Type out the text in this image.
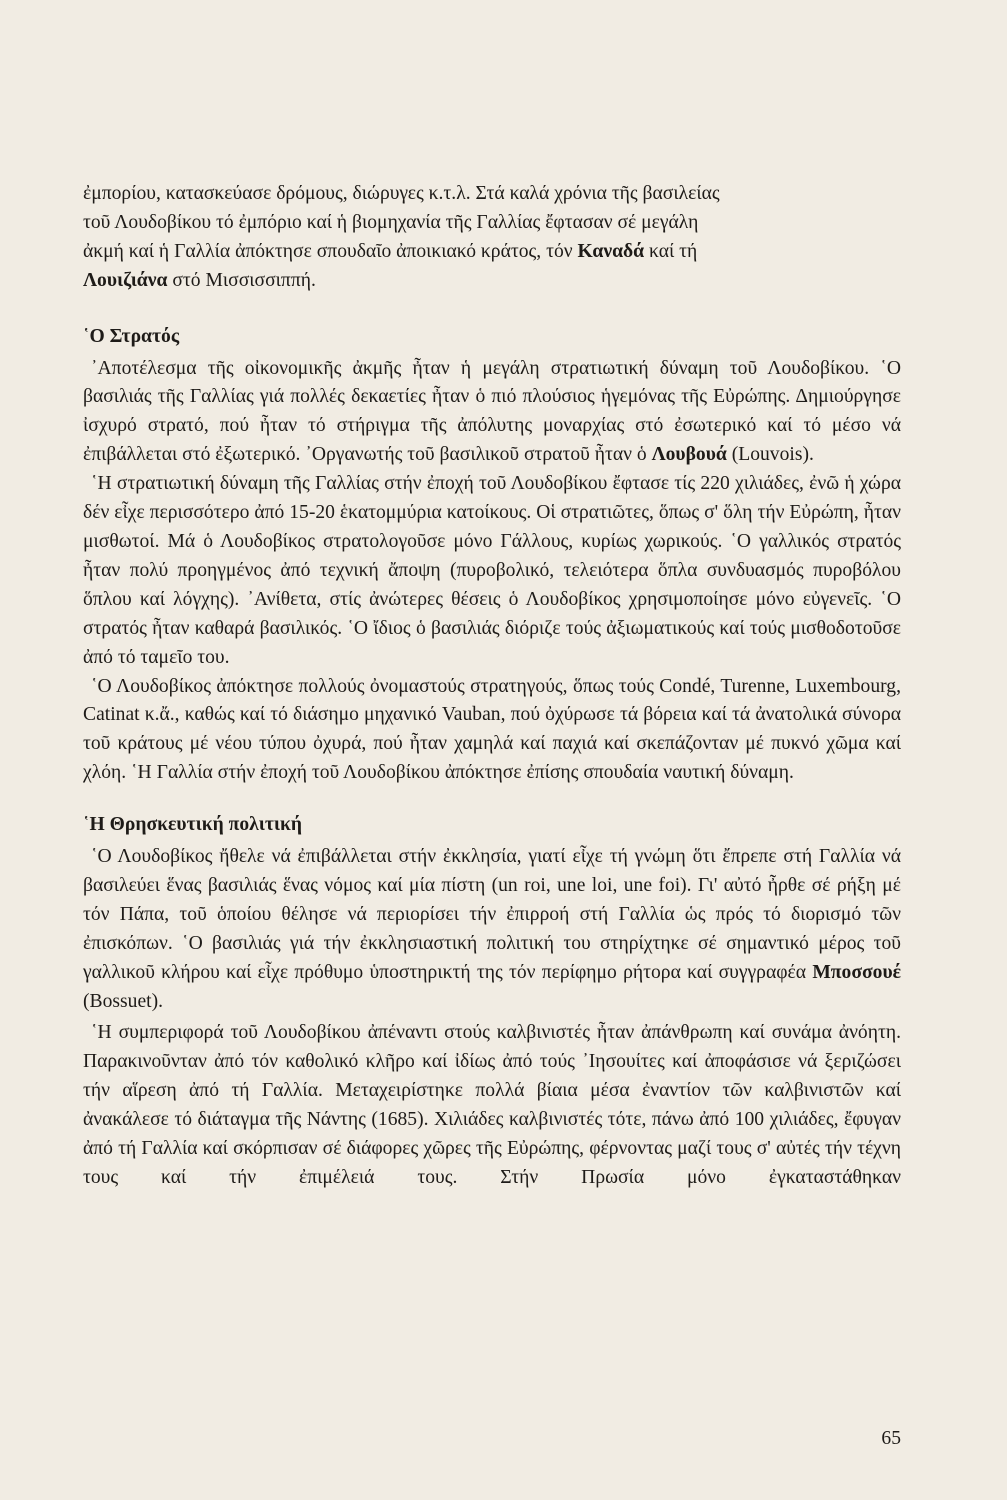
ἐμπορίου, κατασκεύασε δρόμους, διώρυγες κ.τ.λ. Στά καλά χρόνια τῆς βασιλείας
τοῦ Λουδοβίκου τό ἐμπόριο καί ἡ βιομηχανία τῆς Γαλλίας ἔφτασαν σέ μεγάλη
ἀκμή καί ἡ Γαλλία ἀπόκτησε σπουδαῖο ἀποικιακό κράτος, τόν Καναδά καί τή
Λουιζιάνα στό Μισσισσιππή.

῾Ο Στρατός

᾿Αποτέλεσμα τῆς οἰκονομικῆς ἀκμῆς ἦταν ἡ μεγάλη στρατιωτική δύναμη τοῦ Λουδοβίκου. ῾Ο βασιλιάς τῆς Γαλλίας γιά πολλές δεκαετίες ἦταν ὁ πιό πλούσιος ἡγεμόνας τῆς Εὐρώπης. Δημιούργησε ἰσχυρό στρατό, πού ἦταν τό στήριγμα τῆς ἀπόλυτης μοναρχίας στό ἐσωτερικό καί τό μέσο νά ἐπιβάλλεται στό ἐξωτερικό. ᾿Οργανωτής τοῦ βασιλικοῦ στρατοῦ ἦταν ὁ Λουβουά (Louvois).

῾Η στρατιωτική δύναμη τῆς Γαλλίας στήν ἐποχή τοῦ Λουδοβίκου ἔφτασε τίς 220 χιλιάδες, ἐνῶ ἡ χώρα δέν εἶχε περισσότερο ἀπό 15-20 ἑκατομμύρια κατοίκους. Οἱ στρατιῶτες, ὅπως σ' ὅλη τήν Εὐρώπη, ἦταν μισθωτοί. Μά ὁ Λουδοβίκος στρατολογοῦσε μόνο Γάλλους, κυρίως χωρικούς. ῾Ο γαλλικός στρατός ἦταν πολύ προηγμένος ἀπό τεχνική ἄποψη (πυροβολικό, τελειότερα ὅπλα συνδυασμός πυροβόλου ὅπλου καί λόγχης). ᾿Ανίθετα, στίς ἀνώτερες θέσεις ὁ Λουδοβίκος χρησιμοποίησε μόνο εὐγενεῖς. ῾Ο στρατός ἦταν καθαρά βασιλικός. ῾Ο ἴδιος ὁ βασιλιάς διόριζε τούς ἀξιωματικούς καί τούς μισθοδοτοῦσε ἀπό τό ταμεῖο του.

῾Ο Λουδοβίκος ἀπόκτησε πολλούς ὀνομαστούς στρατηγούς, ὅπως τούς Condé, Turenne, Luxembourg, Catinat κ.ἄ., καθώς καί τό διάσημο μηχανικό Vauban, πού ὀχύρωσε τά βόρεια καί τά ἀνατολικά σύνορα τοῦ κράτους μέ νέου τύπου ὀχυρά, πού ἦταν χαμηλά καί παχιά καί σκεπάζονταν μέ πυκνό χῶμα καί χλόη. ῾Η Γαλλία στήν ἐποχή τοῦ Λουδοβίκου ἀπόκτησε ἐπίσης σπουδαία ναυτική δύναμη.

῾Η Θρησκευτική πολιτική

῾Ο Λουδοβίκος ἤθελε νά ἐπιβάλλεται στήν ἐκκλησία, γιατί εἶχε τή γνώμη ὅτι ἔπρεπε στή Γαλλία νά βασιλεύει ἕνας βασιλιάς ἕνας νόμος καί μία πίστη (un roi, une loi, une foi). Γι' αὐτό ἦρθε σέ ρήξη μέ τόν Πάπα, τοῦ ὁποίου θέλησε νά περιορίσει τήν ἐπιρροή στή Γαλλία ὡς πρός τό διορισμό τῶν ἐπισκόπων. ῾Ο βασιλιάς γιά τήν ἐκκλησιαστική πολιτική του στηρίχτηκε σέ σημαντικό μέρος τοῦ γαλλικοῦ κλήρου καί εἶχε πρόθυμο ὑποστηρικτή της τόν περίφημο ρήτορα καί συγγραφέα Μποσσουέ (Bossuet).

῾Η συμπεριφορά τοῦ Λουδοβίκου ἀπέναντι στούς καλβινιστές ἦταν ἀπάνθρωπη καί συνάμα ἀνόητη. Παρακινοῦνταν ἀπό τόν καθολικό κλῆρο καί ἰδίως ἀπό τούς ᾿Ιησουίτες καί ἀποφάσισε νά ξεριζώσει τήν αἵρεση ἀπό τή Γαλλία. Μεταχειρίστηκε πολλά βίαια μέσα ἐναντίον τῶν καλβινιστῶν καί ἀνακάλεσε τό διάταγμα τῆς Νάντης (1685). Χιλιάδες καλβινιστές τότε, πάνω ἀπό 100 χιλιάδες, ἔφυγαν ἀπό τή Γαλλία καί σκόρπισαν σέ διάφορες χῶρες τῆς Εὐρώπης, φέρνοντας μαζί τους σ' αὐτές τήν τέχνη τους καί τήν ἐπιμέλειά τους. Στήν Πρωσία μόνο ἐγκαταστάθηκαν

65
